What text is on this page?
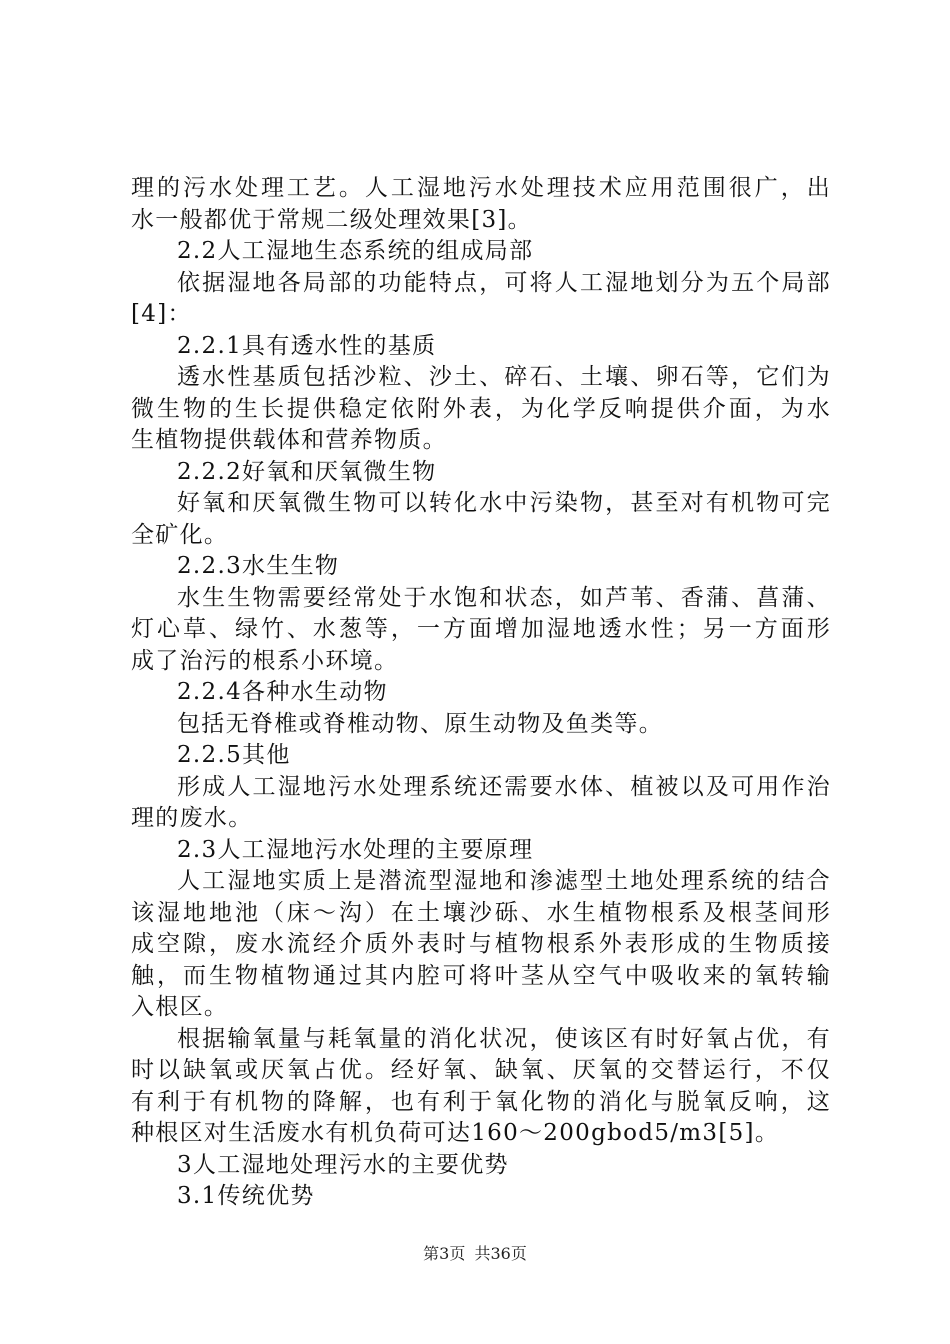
理的污水处理工艺。人工湿地污水处理技术应用范围很广，出
水一般都优于常规二级处理效果[3]。
2.2人工湿地生态系统的组成局部
依据湿地各局部的功能特点，可将人工湿地划分为五个局部
[4]：
2.2.1具有透水性的基质
透水性基质包括沙粒、沙土、碎石、土壤、卵石等，它们为
微生物的生长提供稳定依附外表，为化学反响提供介面，为水
生植物提供载体和营养物质。
2.2.2好氧和厌氧微生物
好氧和厌氧微生物可以转化水中污染物，甚至对有机物可完
全矿化。
2.2.3水生生物
水生生物需要经常处于水饱和状态，如芦苇、香蒲、菖蒲、
灯心草、绿竹、水葱等，一方面增加湿地透水性；另一方面形
成了治污的根系小环境。
2.2.4各种水生动物
包括无脊椎或脊椎动物、原生动物及鱼类等。
2.2.5其他
形成人工湿地污水处理系统还需要水体、植被以及可用作治
理的废水。
2.3人工湿地污水处理的主要原理
人工湿地实质上是潜流型湿地和渗滤型土地处理系统的结合
该湿地地池（床～沟）在土壤沙砾、水生植物根系及根茎间形
成空隙，废水流经介质外表时与植物根系外表形成的生物质接
触，而生物植物通过其内腔可将叶茎从空气中吸收来的氧转输
入根区。
根据输氧量与耗氧量的消化状况，使该区有时好氧占优，有
时以缺氧或厌氧占优。经好氧、缺氧、厌氧的交替运行，不仅
有利于有机物的降解，也有利于氧化物的消化与脱氧反响，这
种根区对生活废水有机负荷可达160～200gbod5/m3[5]。
3人工湿地处理污水的主要优势
3.1传统优势
第3页 共36页
